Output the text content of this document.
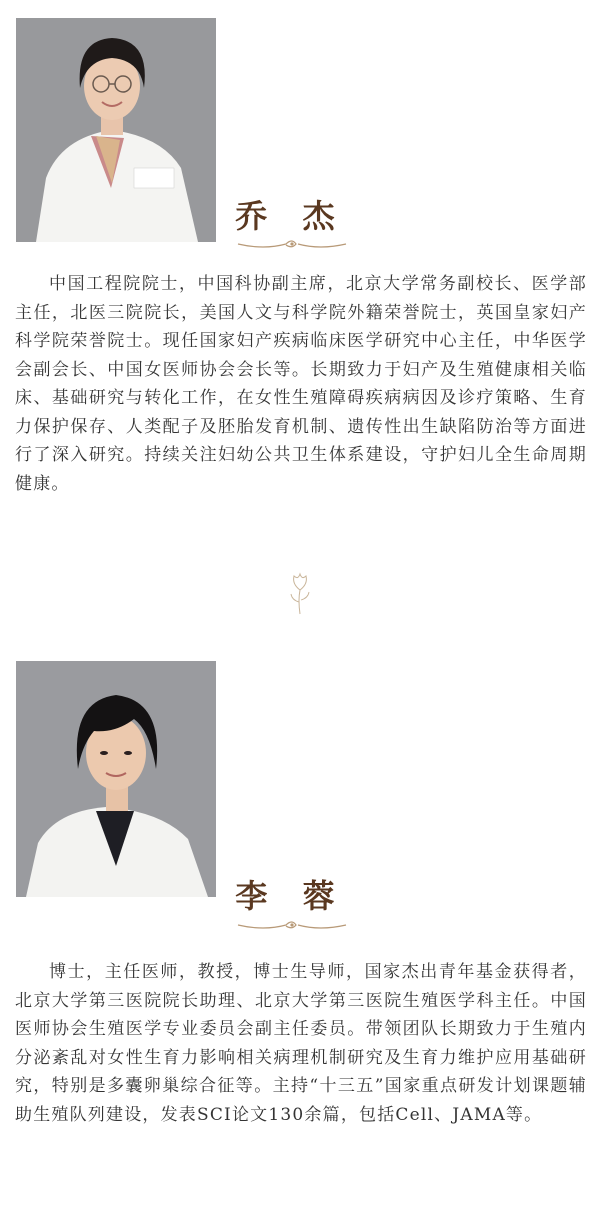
乔 杰

中国工程院院士，中国科协副主席，北京大学常务副校长、医学部主任，北医三院院长，美国人文与科学院外籍荣誉院士，英国皇家妇产科学院荣誉院士。现任国家妇产疾病临床医学研究中心主任，中华医学会副会长、中国女医师协会会长等。长期致力于妇产及生殖健康相关临床、基础研究与转化工作，在女性生殖障碍疾病病因及诊疗策略、生育力保护保存、人类配子及胚胎发育机制、遗传性出生缺陷防治等方面进行了深入研究。持续关注妇幼公共卫生体系建设，守护妇儿全生命周期健康。

李 蓉

博士，主任医师，教授，博士生导师，国家杰出青年基金获得者，北京大学第三医院院长助理、北京大学第三医院生殖医学科主任。中国医师协会生殖医学专业委员会副主任委员。带领团队长期致力于生殖内分泌紊乱对女性生育力影响相关病理机制研究及生育力维护应用基础研究，特别是多囊卵巢综合征等。主持“十三五”国家重点研发计划课题辅助生殖队列建设，发表SCI论文130余篇，包括Cell、JAMA等。
